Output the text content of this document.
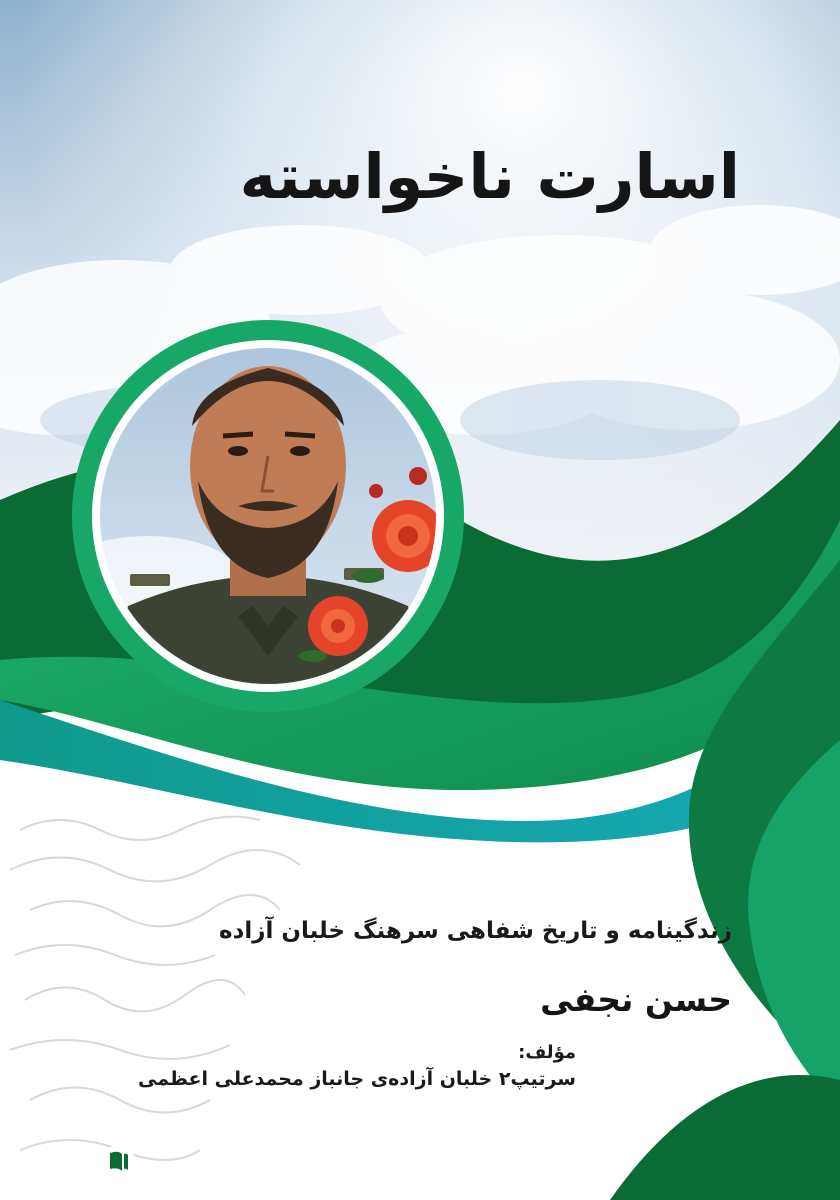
اسارت ناخواسته
زندگینامه و تاریخ شفاهی سرهنگ خلبان آزاده
حسن نجفی
مؤلف:
سرتیپ۲ خلبان آزاده‌ی جانباز محمدعلی اعظمی
کتابراه
